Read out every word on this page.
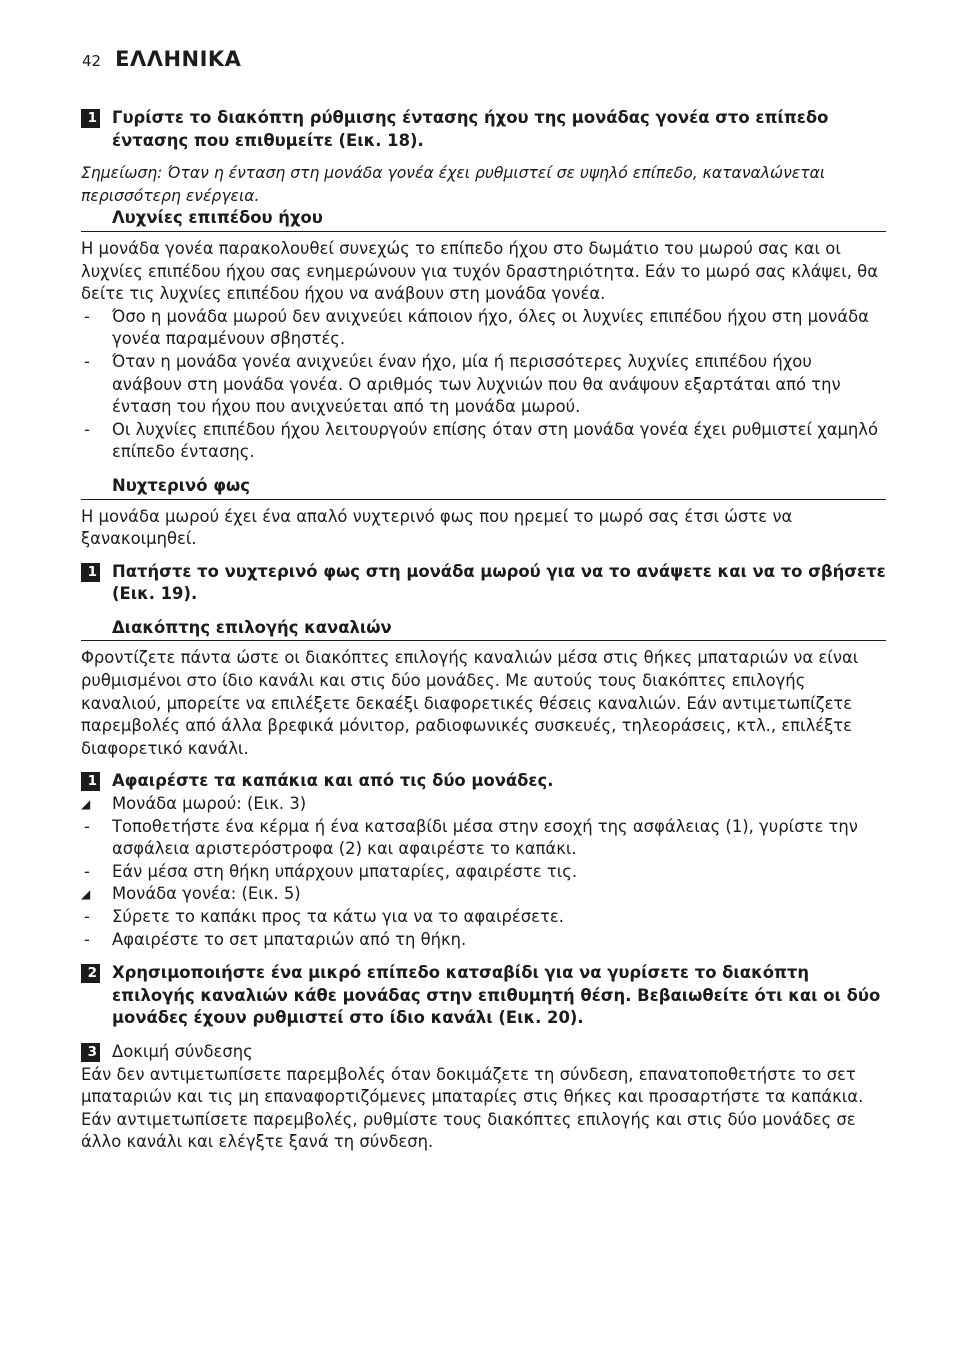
42 ΕΛΛΗΝΙΚΑ
1 Γυρίστε το διακόπτη ρύθμισης έντασης ήχου της μονάδας γονέα στο επίπεδο έντασης που επιθυμείτε (Εικ. 18).
Σημείωση: Όταν η ένταση στη μονάδα γονέα έχει ρυθμιστεί σε υψηλό επίπεδο, καταναλώνεται περισσότερη ενέργεια.
Λυχνίες επιπέδου ήχου
Η μονάδα γονέα παρακολουθεί συνεχώς το επίπεδο ήχου στο δωμάτιο του μωρού σας και οι λυχνίες επιπέδου ήχου σας ενημερώνουν για τυχόν δραστηριότητα. Εάν το μωρό σας κλάψει, θα δείτε τις λυχνίες επιπέδου ήχου να ανάβουν στη μονάδα γονέα.
-	Όσο η μονάδα μωρού δεν ανιχνεύει κάποιον ήχο, όλες οι λυχνίες επιπέδου ήχου στη μονάδα γονέα παραμένουν σβηστές.
-	Όταν η μονάδα γονέα ανιχνεύει έναν ήχο, μία ή περισσότερες λυχνίες επιπέδου ήχου ανάβουν στη μονάδα γονέα. Ο αριθμός των λυχνιών που θα ανάψουν εξαρτάται από την ένταση του ήχου που ανιχνεύεται από τη μονάδα μωρού.
-	Οι λυχνίες επιπέδου ήχου λειτουργούν επίσης όταν στη μονάδα γονέα έχει ρυθμιστεί χαμηλό επίπεδο έντασης.
Νυχτερινό φως
Η μονάδα μωρού έχει ένα απαλό νυχτερινό φως που ηρεμεί το μωρό σας έτσι ώστε να ξανακοιμηθεί.
1 Πατήστε το νυχτερινό φως στη μονάδα μωρού για να το ανάψετε και να το σβήσετε (Εικ. 19).
Διακόπτης επιλογής καναλιών
Φροντίζετε πάντα ώστε οι διακόπτες επιλογής καναλιών μέσα στις θήκες μπαταριών να είναι ρυθμισμένοι στο ίδιο κανάλι και στις δύο μονάδες. Με αυτούς τους διακόπτες επιλογής καναλιού, μπορείτε να επιλέξετε δεκαέξι διαφορετικές θέσεις καναλιών. Εάν αντιμετωπίζετε παρεμβολές από άλλα βρεφικά μόνιτορ, ραδιοφωνικές συσκευές, τηλεοράσεις, κτλ., επιλέξτε διαφορετικό κανάλι.
1 Αφαιρέστε τα καπάκια και από τις δύο μονάδες.
◢	Μονάδα μωρού: (Εικ. 3)
-	Τοποθετήστε ένα κέρμα ή ένα κατσαβίδι μέσα στην εσοχή της ασφάλειας (1), γυρίστε την ασφάλεια αριστερόστροφα (2) και αφαιρέστε το καπάκι.
-	Εάν μέσα στη θήκη υπάρχουν μπαταρίες, αφαιρέστε τις.
◢	Μονάδα γονέα: (Εικ. 5)
-	Σύρετε το καπάκι προς τα κάτω για να το αφαιρέσετε.
-	Αφαιρέστε το σετ μπαταριών από τη θήκη.
2 Χρησιμοποιήστε ένα μικρό επίπεδο κατσαβίδι για να γυρίσετε το διακόπτη επιλογής καναλιών κάθε μονάδας στην επιθυμητή θέση. Βεβαιωθείτε ότι και οι δύο μονάδες έχουν ρυθμιστεί στο ίδιο κανάλι (Εικ. 20).
3 Δοκιμή σύνδεσης
Εάν δεν αντιμετωπίσετε παρεμβολές όταν δοκιμάζετε τη σύνδεση, επανατοποθετήστε το σετ μπαταριών και τις μη επαναφορτιζόμενες μπαταρίες στις θήκες και προσαρτήστε τα καπάκια. Εάν αντιμετωπίσετε παρεμβολές, ρυθμίστε τους διακόπτες επιλογής και στις δύο μονάδες σε άλλο κανάλι και ελέγξτε ξανά τη σύνδεση.
